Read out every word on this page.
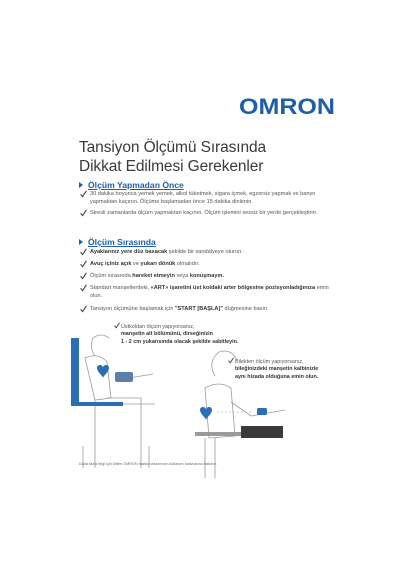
OMRON
Tansiyon Ölçümü Sırasında
Dikkat Edilmesi Gerekenler
Ölçüm Yapmadan Önce
30 dakika boyunca yemek yemek, alkol tüketmek, sigara içmek, egzersiz yapmak ve banyo yapmaktan kaçının. Ölçüme başlamadan önce 15 dakika dinlenin.
Stresli zamanlarda ölçüm yapmaktan kaçının. Ölçüm işlemini sessiz bir yerde gerçekleştirin.
Ölçüm Sırasında
Ayaklarınız yere düz basacak şekilde bir sandalyeye oturun.
Avuç içiniz açık ve yukarı dönük olmalıdır.
Ölçüm sırasında hareket etmeyin veya konuşmayın.
Standart manşetlerdeki, «ART» işaretini üst koldaki arter bölgesine pozisyonladığınıza emin olun.
Tansiyon ölçümüne başlamak için "START [BAŞLA]" düğmesine basın.
Üstkoldan ölçüm yapıyorsanız,
manşetin alt bölümünü, dirseğinizin
1 - 2 cm yukarısında olacak şekilde sabitleyin.
Bilekten ölçüm yapıyorsanız,
bileğinizdeki manşetin kalbinizle
aynı hizada olduğuna emin olun.
Daha fazla bilgi için lütfen OMRON marka cihazınızın kullanım kılavuzunu bakınız.
